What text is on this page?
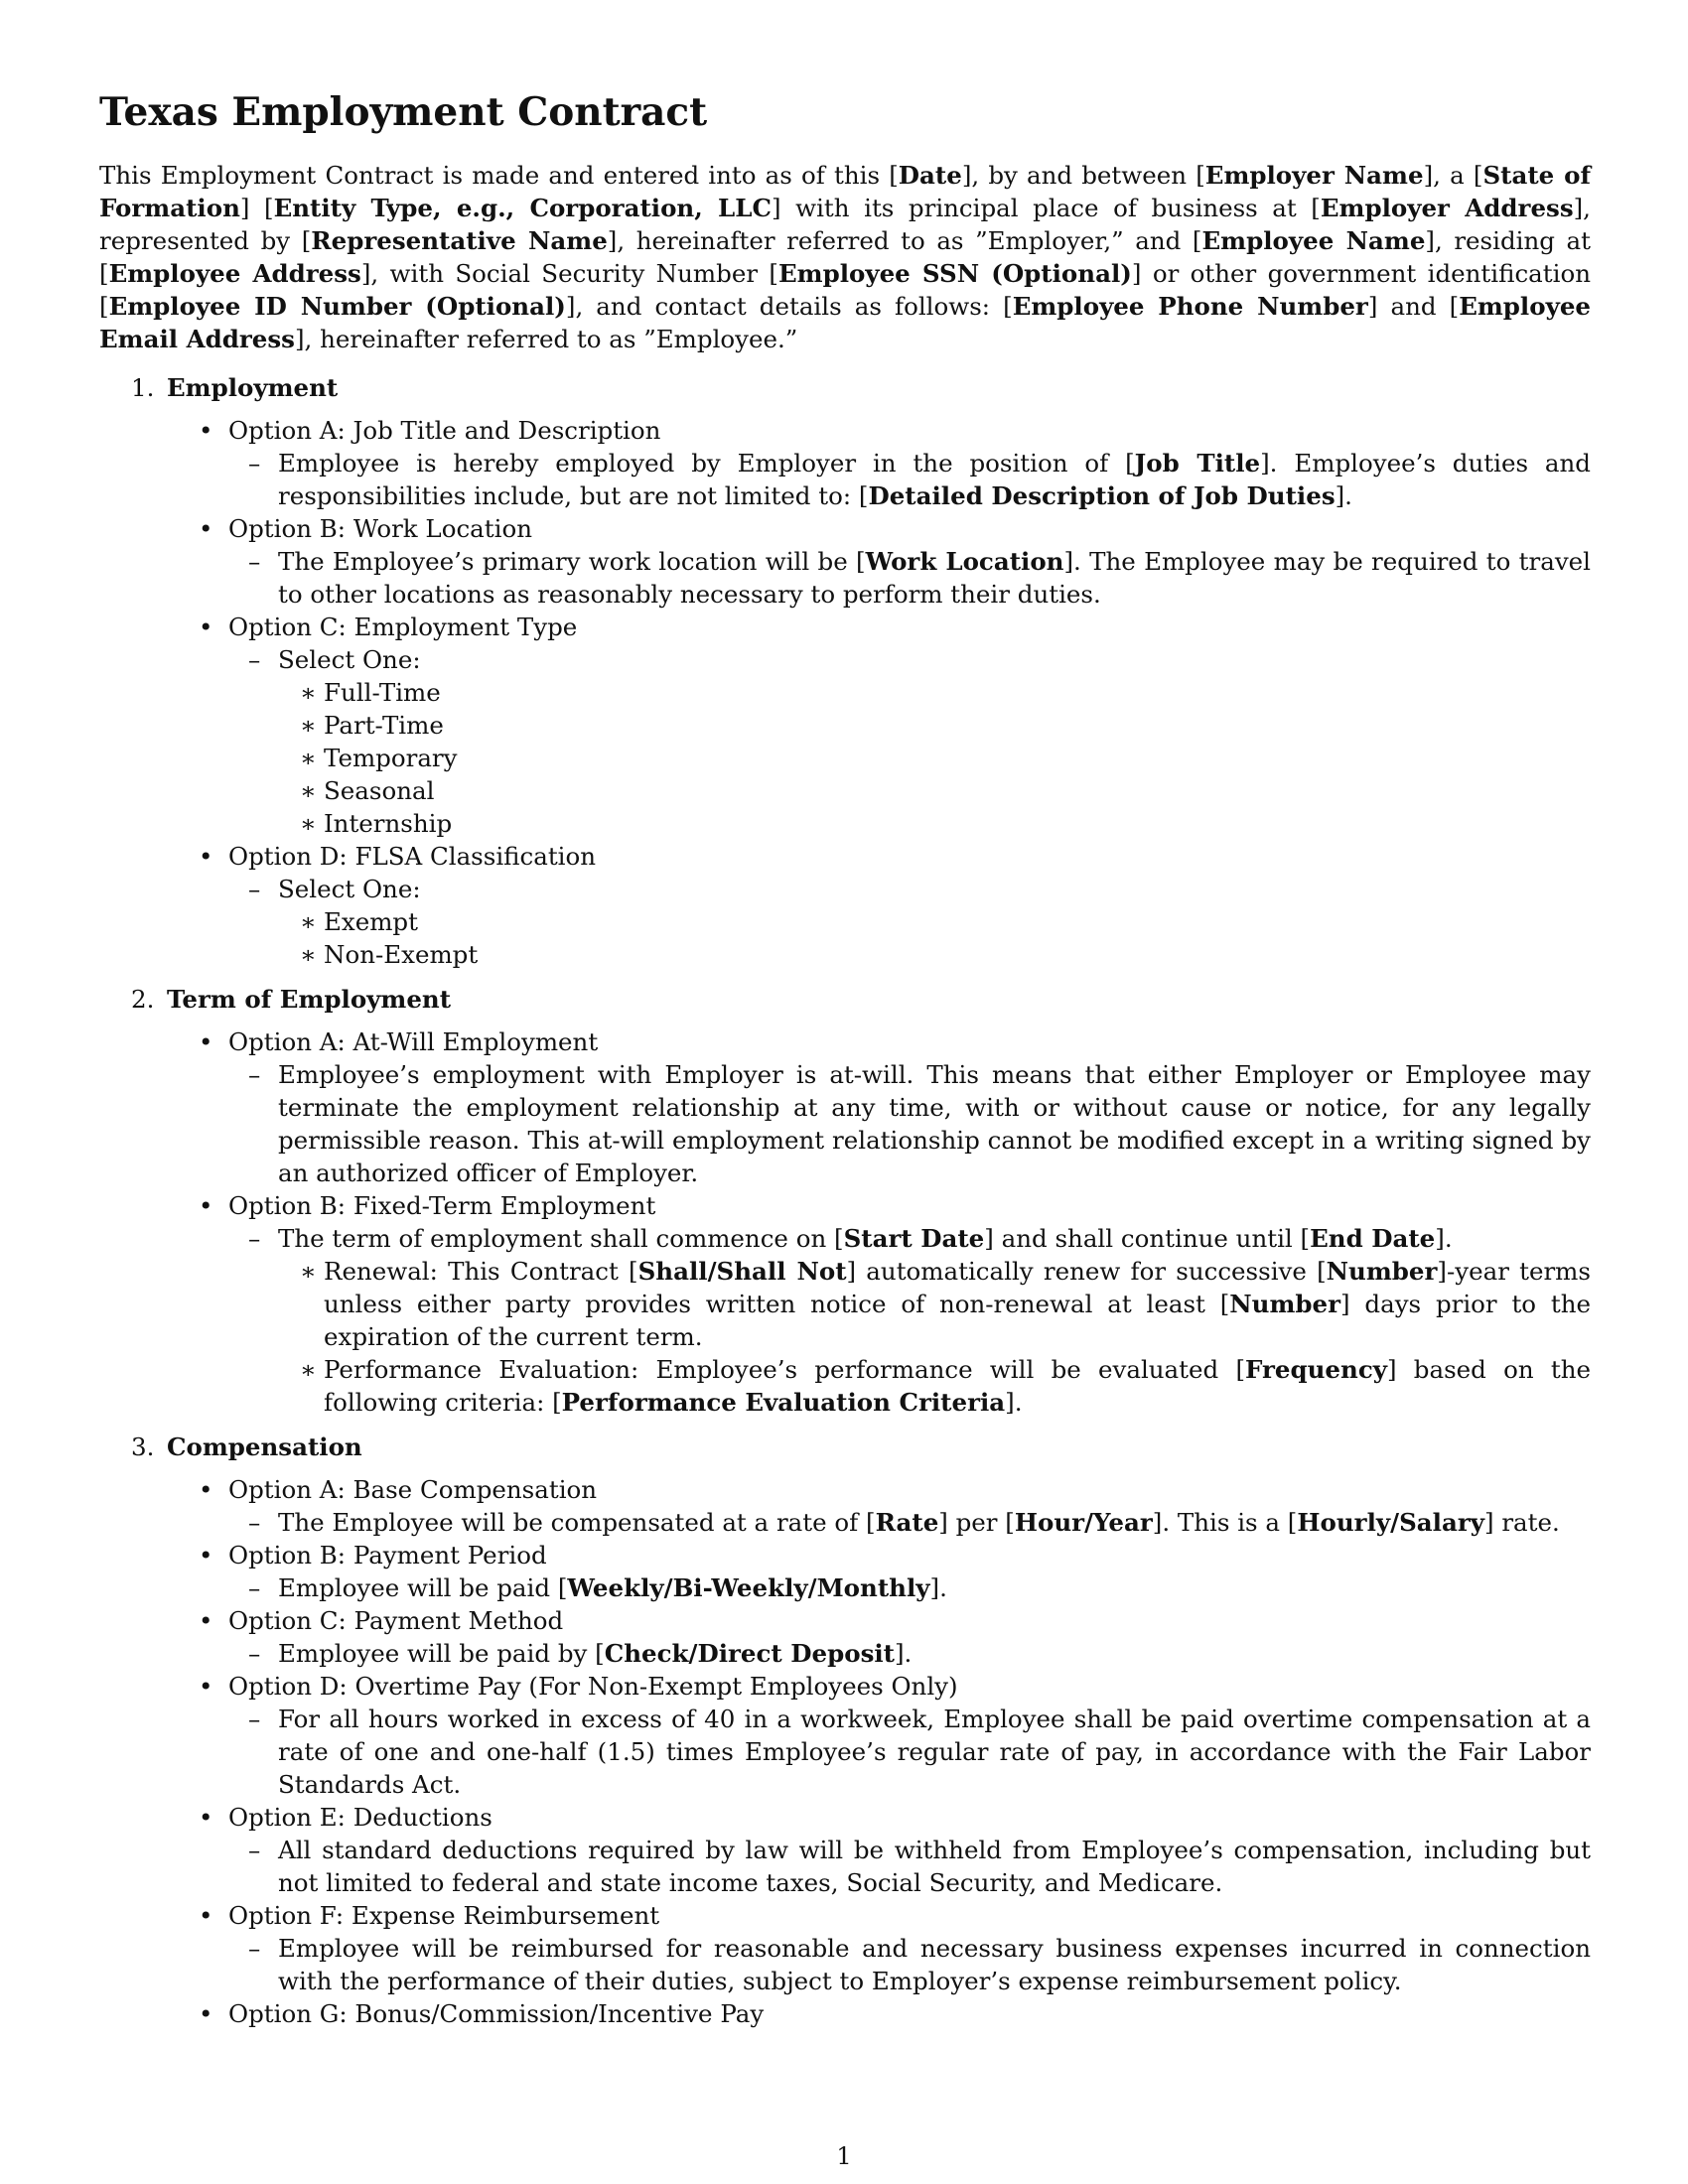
Texas Employment Contract

This Employment Contract is made and entered into as of this [Date], by and between [Employer Name], a [State of Formation] [Entity Type, e.g., Corporation, LLC] with its principal place of business at [Employer Address], represented by [Representative Name], hereinafter referred to as ”Employer,” and [Employee Name], residing at [Employee Address], with Social Security Number [Employee SSN (Optional)] or other government identification [Employee ID Number (Optional)], and contact details as follows: [Employee Phone Number] and [Employee Email Address], hereinafter referred to as ”Employee.”

1. Employment
• Option A: Job Title and Description
– Employee is hereby employed by Employer in the position of [Job Title]. Employee’s duties and responsibilities include, but are not limited to: [Detailed Description of Job Duties].
• Option B: Work Location
– The Employee’s primary work location will be [Work Location]. The Employee may be required to travel to other locations as reasonably necessary to perform their duties.
• Option C: Employment Type
– Select One:
∗ Full-Time
∗ Part-Time
∗ Temporary
∗ Seasonal
∗ Internship
• Option D: FLSA Classification
– Select One:
∗ Exempt
∗ Non-Exempt
2. Term of Employment
• Option A: At-Will Employment
– Employee’s employment with Employer is at-will. This means that either Employer or Employee may terminate the employment relationship at any time, with or without cause or notice, for any legally permissible reason. This at-will employment relationship cannot be modified except in a writing signed by an authorized officer of Employer.
• Option B: Fixed-Term Employment
– The term of employment shall commence on [Start Date] and shall continue until [End Date].
∗ Renewal: This Contract [Shall/Shall Not] automatically renew for successive [Number]-year terms unless either party provides written notice of non-renewal at least [Number] days prior to the expiration of the current term.
∗ Performance Evaluation: Employee’s performance will be evaluated [Frequency] based on the following criteria: [Performance Evaluation Criteria].
3. Compensation
• Option A: Base Compensation
– The Employee will be compensated at a rate of [Rate] per [Hour/Year]. This is a [Hourly/Salary] rate.
• Option B: Payment Period
– Employee will be paid [Weekly/Bi-Weekly/Monthly].
• Option C: Payment Method
– Employee will be paid by [Check/Direct Deposit].
• Option D: Overtime Pay (For Non-Exempt Employees Only)
– For all hours worked in excess of 40 in a workweek, Employee shall be paid overtime compensation at a rate of one and one-half (1.5) times Employee’s regular rate of pay, in accordance with the Fair Labor Standards Act.
• Option E: Deductions
– All standard deductions required by law will be withheld from Employee’s compensation, including but not limited to federal and state income taxes, Social Security, and Medicare.
• Option F: Expense Reimbursement
– Employee will be reimbursed for reasonable and necessary business expenses incurred in connection with the performance of their duties, subject to Employer’s expense reimbursement policy.
• Option G: Bonus/Commission/Incentive Pay
1
